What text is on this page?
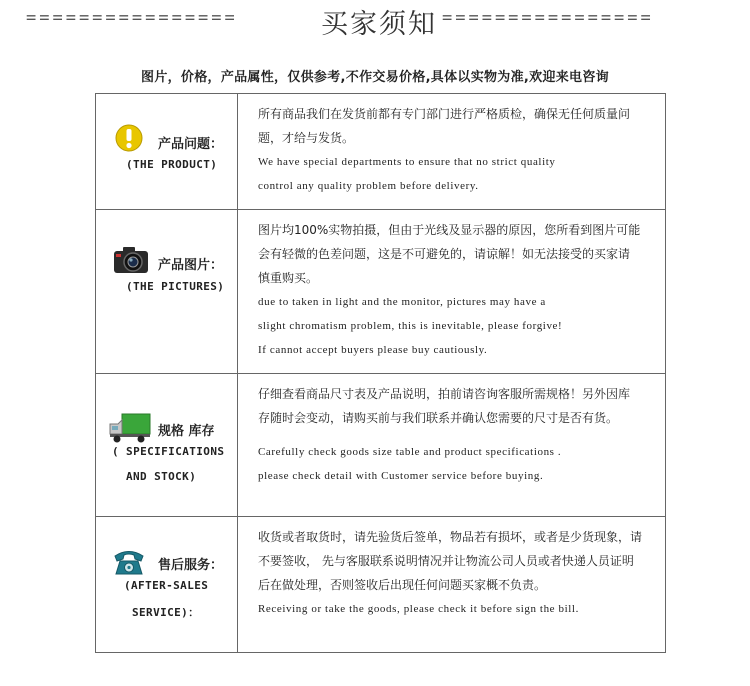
================	买家须知 ================
图片，价格，产品属性，仅供参考,不作交易价格,具体以实物为准,欢迎来电咨询
产品问题：
(THE PRODUCT)

所有商品我们在发货前都有专门部门进行严格质检，确保无任何质量问

题，才给与发货。

We have special departments to ensure that no strict quality

control any quality problem before delivery.

产品图片：
(THE PICTURES)

图片均100%实物拍摄，但由于光线及显示器的原因，您所看到图片可能

会有轻微的色差问题，这是不可避免的，请谅解！如无法接受的买家请

慎重购买。

due to taken in light and the monitor, pictures may have a

slight chromatism problem, this is inevitable, please forgive!

If cannot accept buyers please buy cautiously.

规格 库存
( SPECIFICATIONS
AND STOCK)

仔细查看商品尺寸表及产品说明，拍前请咨询客服所需规格！另外因库

存随时会变动，请购买前与我们联系并确认您需要的尺寸是否有货。

Carefully check goods size table and product specifications .

please check detail with Customer service before buying.

售后服务：
(AFTER-SALES
SERVICE)：

收货或者取货时，请先验货后签单，物品若有损坏，或者是少货现象，请

不要签收， 先与客服联系说明情况并让物流公司人员或者快递人员证明

后在做处理，否则签收后出现任何问题买家概不负责。

Receiving or take the goods, please check it before sign the bill.
